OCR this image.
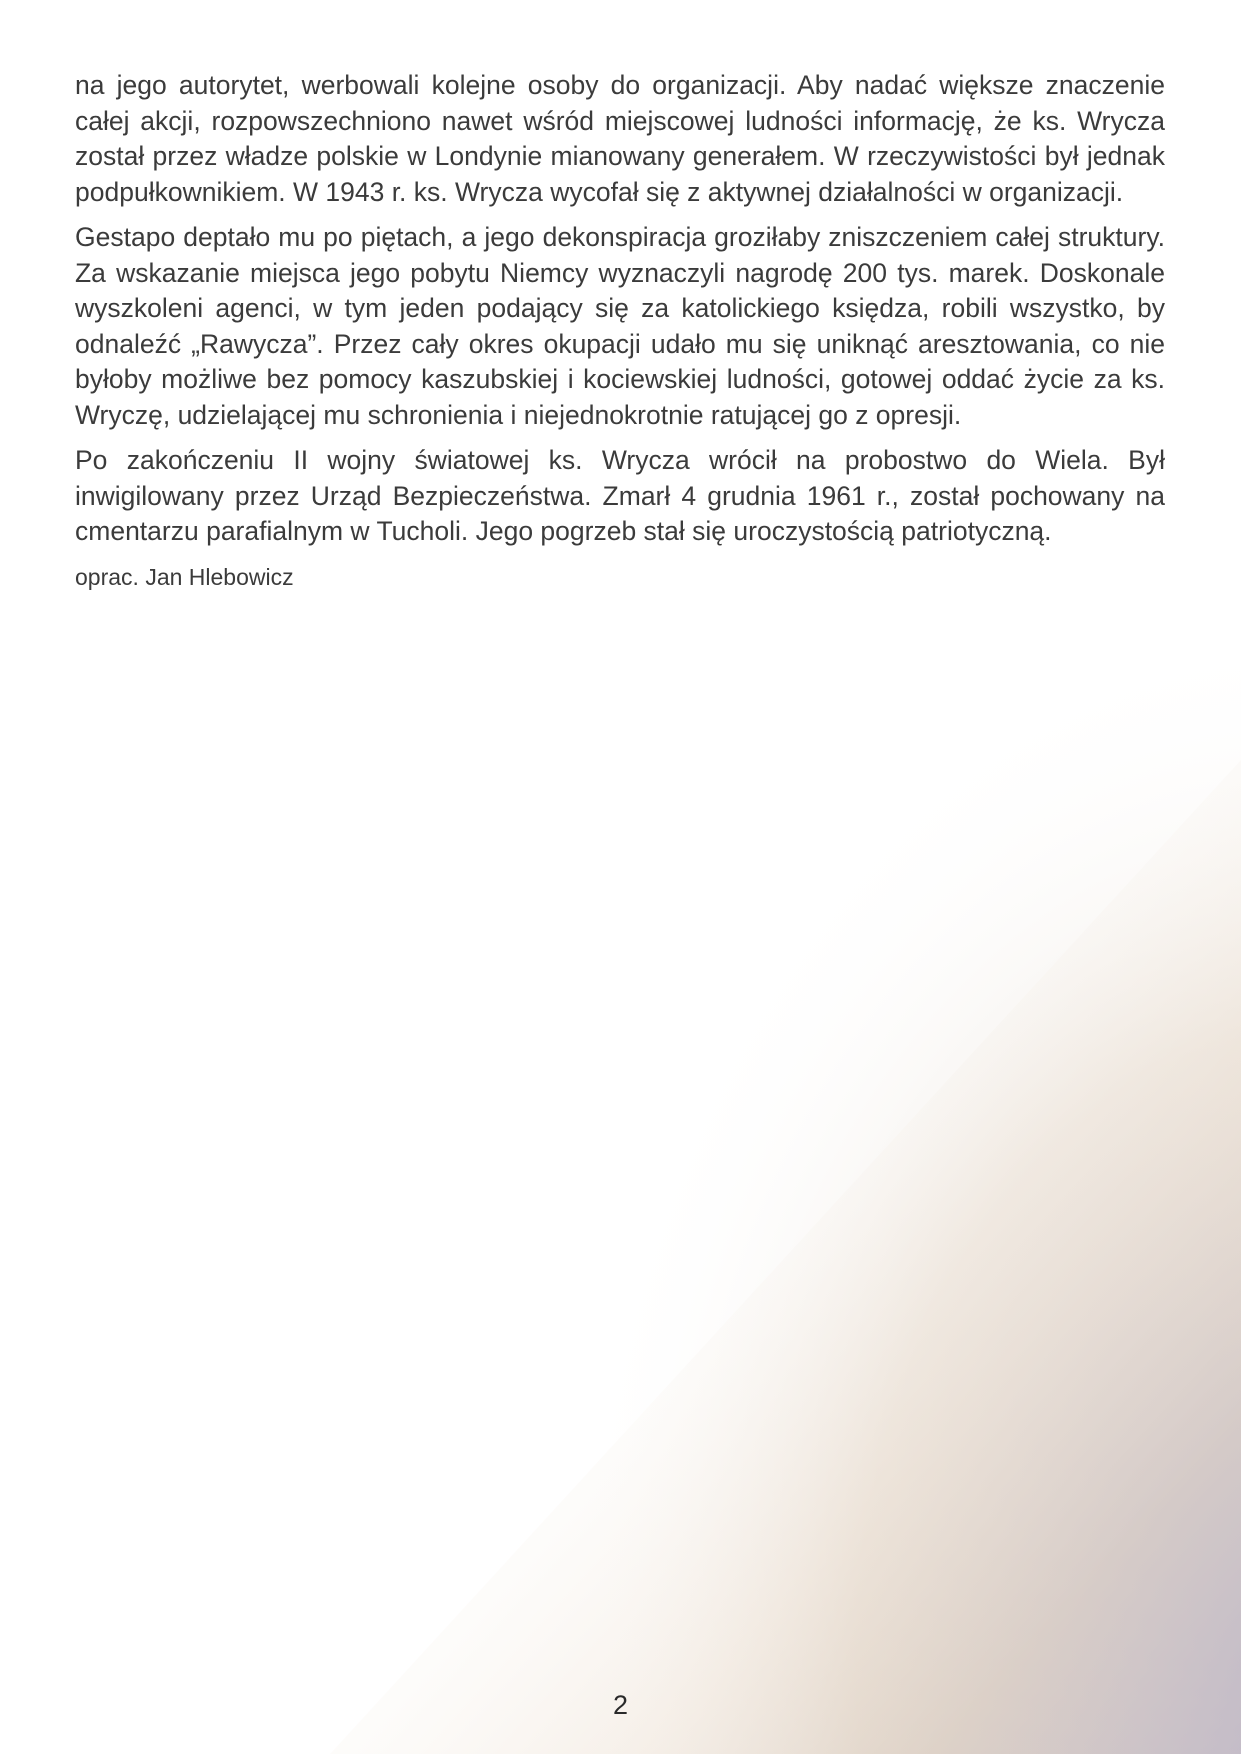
na jego autorytet, werbowali kolejne osoby do organizacji. Aby nadać większe znaczenie całej akcji, rozpowszechniono nawet wśród miejscowej ludności informację, że ks. Wrycza został przez władze polskie w Londynie mianowany generałem. W rzeczywistości był jednak podpułkownikiem. W 1943 r. ks. Wrycza wycofał się z aktywnej działalności w organizacji.

Gestapo deptało mu po piętach, a jego dekonspiracja groziłaby zniszczeniem całej struktury. Za wskazanie miejsca jego pobytu Niemcy wyznaczyli nagrodę 200 tys. marek. Doskonale wyszkoleni agenci, w tym jeden podający się za katolickiego księdza, robili wszystko, by odnaleźć „Rawycza”. Przez cały okres okupacji udało mu się uniknąć aresztowania, co nie byłoby możliwe bez pomocy kaszubskiej i kociewskiej ludności, gotowej oddać życie za ks. Wryczę, udzielającej mu schronienia i niejednokrotnie ratującej go z opresji.

Po zakończeniu II wojny światowej ks. Wrycza wrócił na probostwo do Wiela. Był inwigilowany przez Urząd Bezpieczeństwa. Zmarł 4 grudnia 1961 r., został pochowany na cmentarzu parafialnym w Tucholi. Jego pogrzeb stał się uroczystością patriotyczną.

oprac. Jan Hlebowicz

2
